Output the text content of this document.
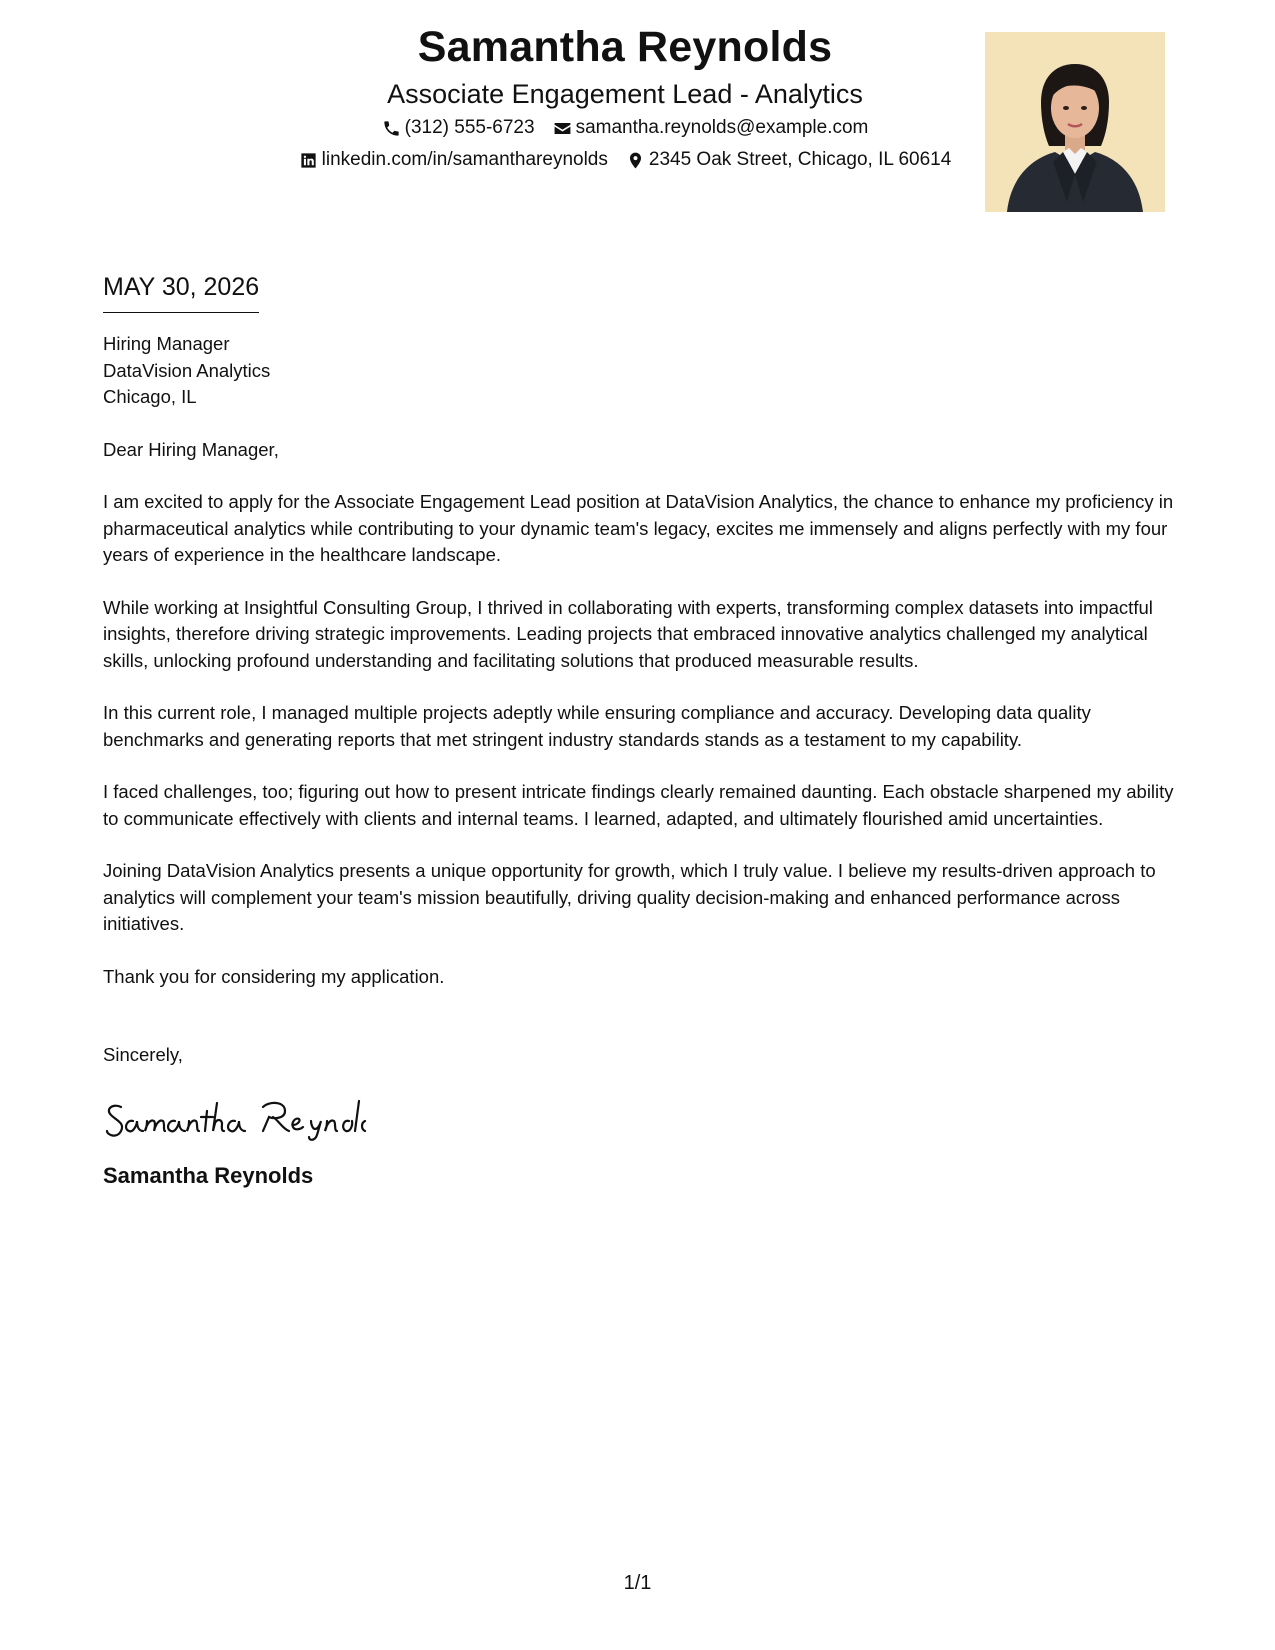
Samantha Reynolds
Associate Engagement Lead - Analytics
(312) 555-6723 samantha.reynolds@example.com
linkedin.com/in/samanthareynolds 2345 Oak Street, Chicago, IL 60614
MAY 30, 2026
Hiring Manager
DataVision Analytics
Chicago, IL
Dear Hiring Manager,

I am excited to apply for the Associate Engagement Lead position at DataVision Analytics, the chance to enhance my proficiency in pharmaceutical analytics while contributing to your dynamic team's legacy, excites me immensely and aligns perfectly with my four years of experience in the healthcare landscape.

While working at Insightful Consulting Group, I thrived in collaborating with experts, transforming complex datasets into impactful insights, therefore driving strategic improvements. Leading projects that embraced innovative analytics challenged my analytical skills, unlocking profound understanding and facilitating solutions that produced measurable results.

In this current role, I managed multiple projects adeptly while ensuring compliance and accuracy. Developing data quality benchmarks and generating reports that met stringent industry standards stands as a testament to my capability.

I faced challenges, too; figuring out how to present intricate findings clearly remained daunting. Each obstacle sharpened my ability to communicate effectively with clients and internal teams. I learned, adapted, and ultimately flourished amid uncertainties.

Joining DataVision Analytics presents a unique opportunity for growth, which I truly value. I believe my results-driven approach to analytics will complement your team's mission beautifully, driving quality decision-making and enhanced performance across initiatives.

Thank you for considering my application.

Sincerely,
Samantha Reynolds
1/1
